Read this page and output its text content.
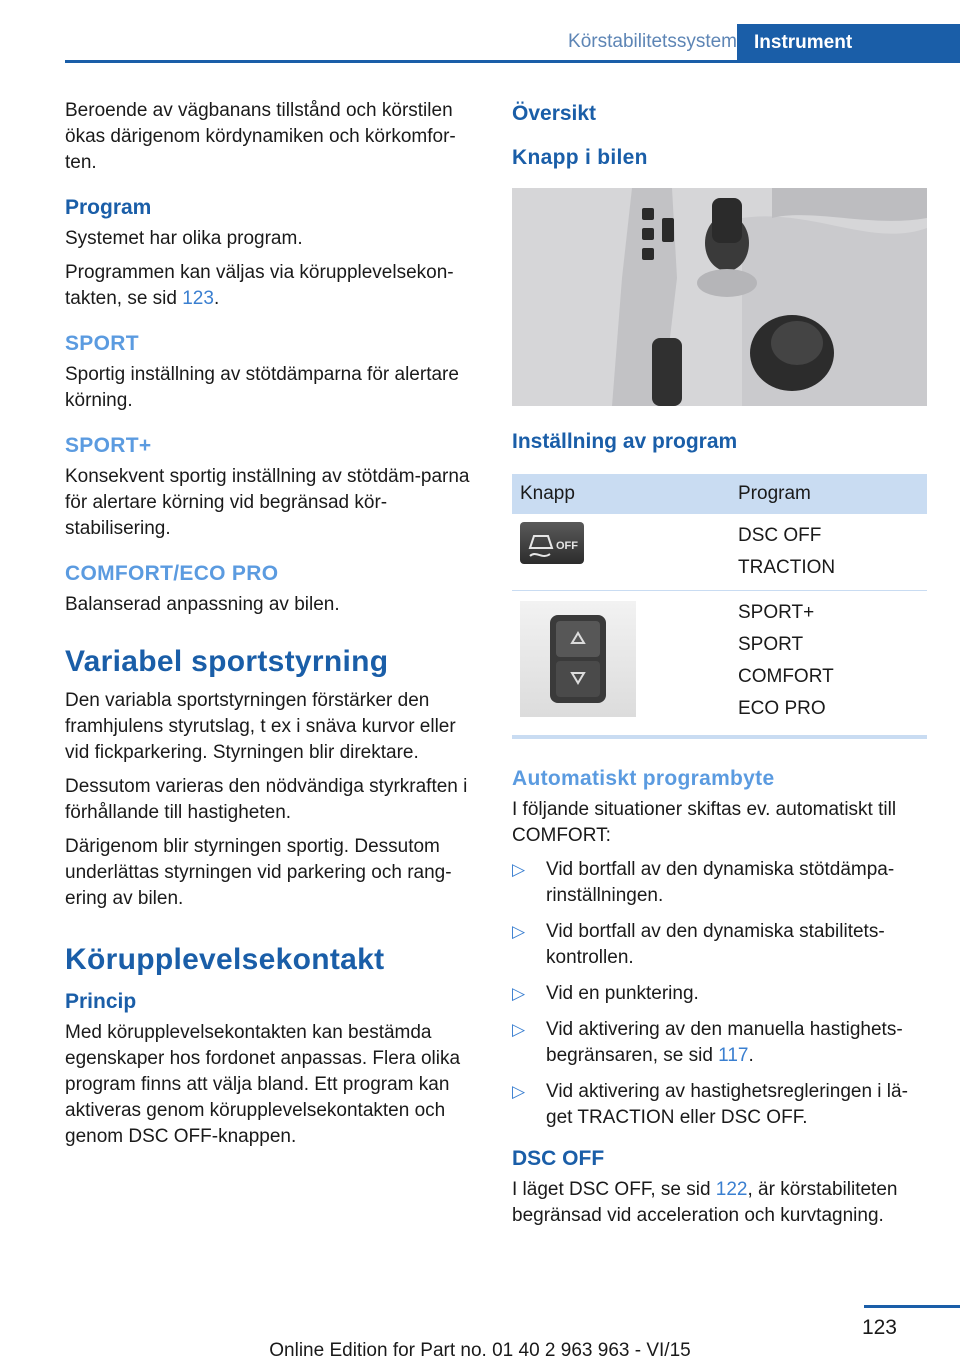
Körstabilitetssystem Instrument

Beroende av vägbanans tillstånd och körstilen ökas därigenom kördynamiken och körkomfor-ten.

Program

Systemet har olika program.

Programmen kan väljas via körupplevelsekon-takten, se sid 123.

SPORT

Sportig inställning av stötdämparna för alertare körning.

SPORT+

Konsekvent sportig inställning av stötdäm-parna för alertare körning vid begränsad kör-stabilisering.

COMFORT/ECO PRO

Balanserad anpassning av bilen.

Variabel sportstyrning

Den variabla sportstyrningen förstärker den framhjulens styrutslag, t ex i snäva kurvor eller vid fickparkering. Styrningen blir direktare.

Dessutom varieras den nödvändiga styrkraften i förhållande till hastigheten.

Därigenom blir styrningen sportig. Dessutom underlättas styrningen vid parkering och rang-ering av bilen.

Körupplevelsekontakt
Princip

Med körupplevelsekontakten kan bestämda egenskaper hos fordonet anpassas. Flera olika program finns att välja bland. Ett program kan aktiveras genom körupplevelsekontakten och genom DSC OFF-knappen.

Översikt
Knapp i bilen
Inställning av program
Knapp	Program

OFF	DSC OFF
TRACTION

SPORT+
SPORT
COMFORT
ECO PRO
Automatiskt programbyte

I följande situationer skiftas ev. automatiskt till COMFORT:

▷ Vid bortfall av den dynamiska stötdämpa-rinställningen.
▷ Vid bortfall av den dynamiska stabilitets-kontrollen.
▷ Vid en punktering.
▷ Vid aktivering av den manuella hastighets-begränsaren, se sid 117.
▷ Vid aktivering av hastighetsregleringen i lä-get TRACTION eller DSC OFF.
DSC OFF

I läget DSC OFF, se sid 122, är körstabiliteten begränsad vid acceleration och kurvtagning.

123
Online Edition for Part no. 01 40 2 963 963 - VI/15
